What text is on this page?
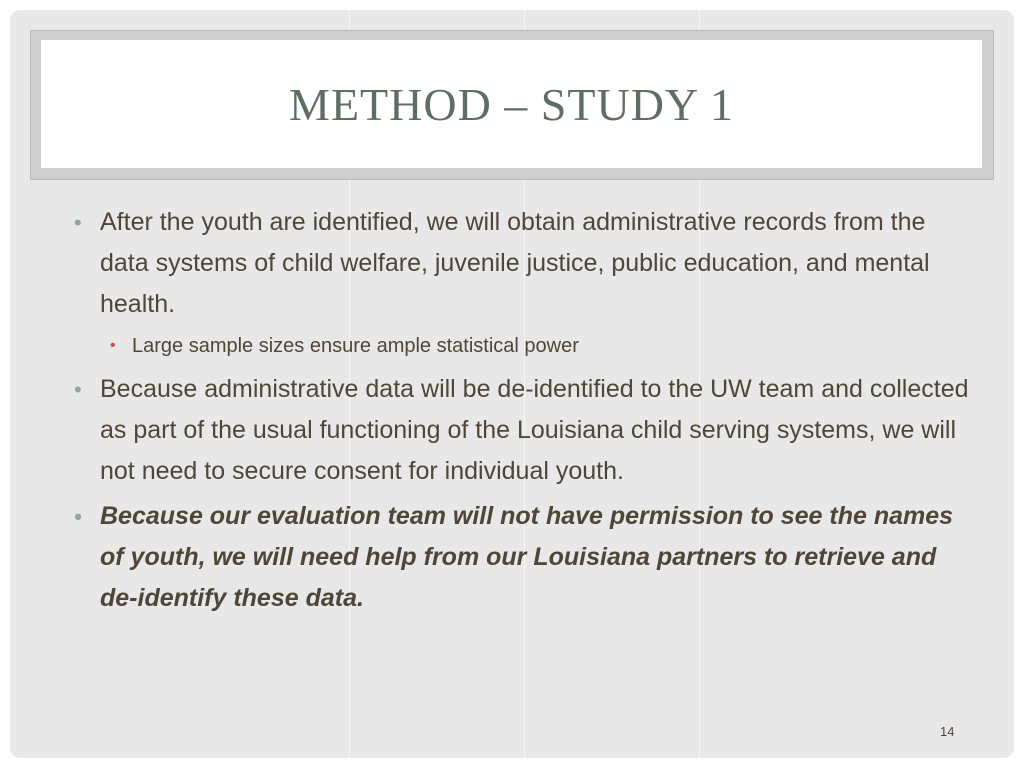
METHOD – STUDY 1
• After the youth are identified, we will obtain administrative records from the data systems of child welfare, juvenile justice, public education, and mental health.
• Large sample sizes ensure ample statistical power
• Because administrative data will be de-identified to the UW team and collected as part of the usual functioning of the Louisiana child serving systems, we will not need to secure consent for individual youth.
• Because our evaluation team will not have permission to see the names of youth, we will need help from our Louisiana partners to retrieve and de-identify these data.
14
